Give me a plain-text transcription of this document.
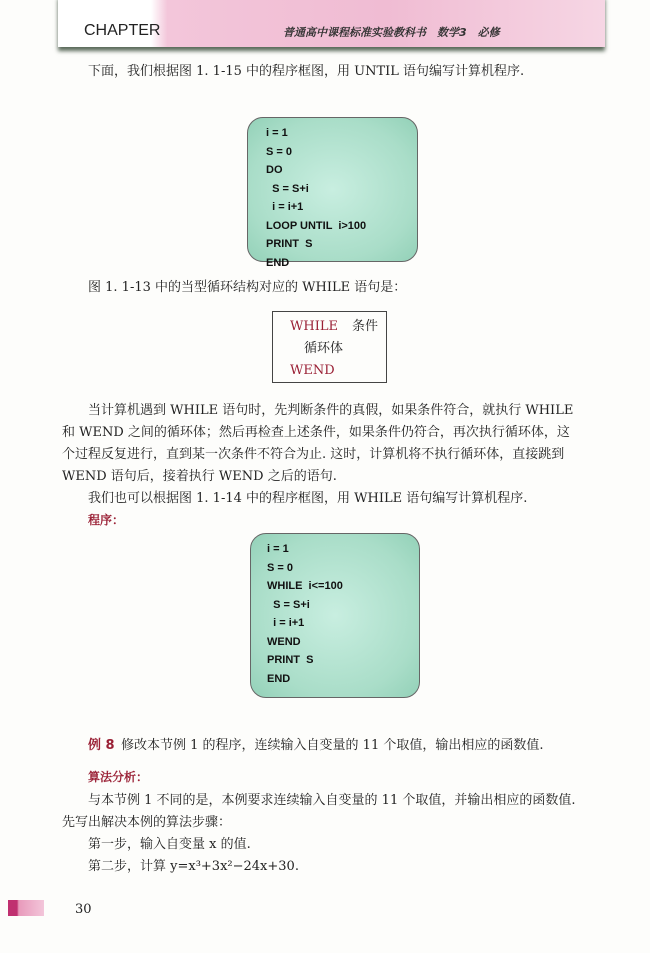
CHAPTER	普通高中课程标准实验教科书　数学3　必修
下面，我们根据图 1. 1-15 中的程序框图，用 UNTIL 语句编写计算机程序.
i = 1
S = 0
DO
S = S+i
i = i+1
LOOP UNTIL  i>100
PRINT  S
END
图 1. 1-13 中的当型循环结构对应的 WHILE 语句是：
WHILE 条件
循环体
WEND
当计算机遇到 WHILE 语句时，先判断条件的真假，如果条件符合，就执行 WHILE
和 WEND 之间的循环体；然后再检查上述条件，如果条件仍符合，再次执行循环体，这
个过程反复进行，直到某一次条件不符合为止. 这时，计算机将不执行循环体，直接跳到
WEND 语句后，接着执行 WEND 之后的语句.
我们也可以根据图 1. 1-14 中的程序框图，用 WHILE 语句编写计算机程序.
程序：
i = 1
S = 0
WHILE  i<=100
S = S+i
i = i+1
WEND
PRINT  S
END
例 8 修改本节例 1 的程序，连续输入自变量的 11 个取值，输出相应的函数值.
算法分析：
与本节例 1 不同的是，本例要求连续输入自变量的 11 个取值，并输出相应的函数值.
先写出解决本例的算法步骤：
第一步，输入自变量 x 的值.
第二步，计算 y=x³+3x²−24x+30.
30
